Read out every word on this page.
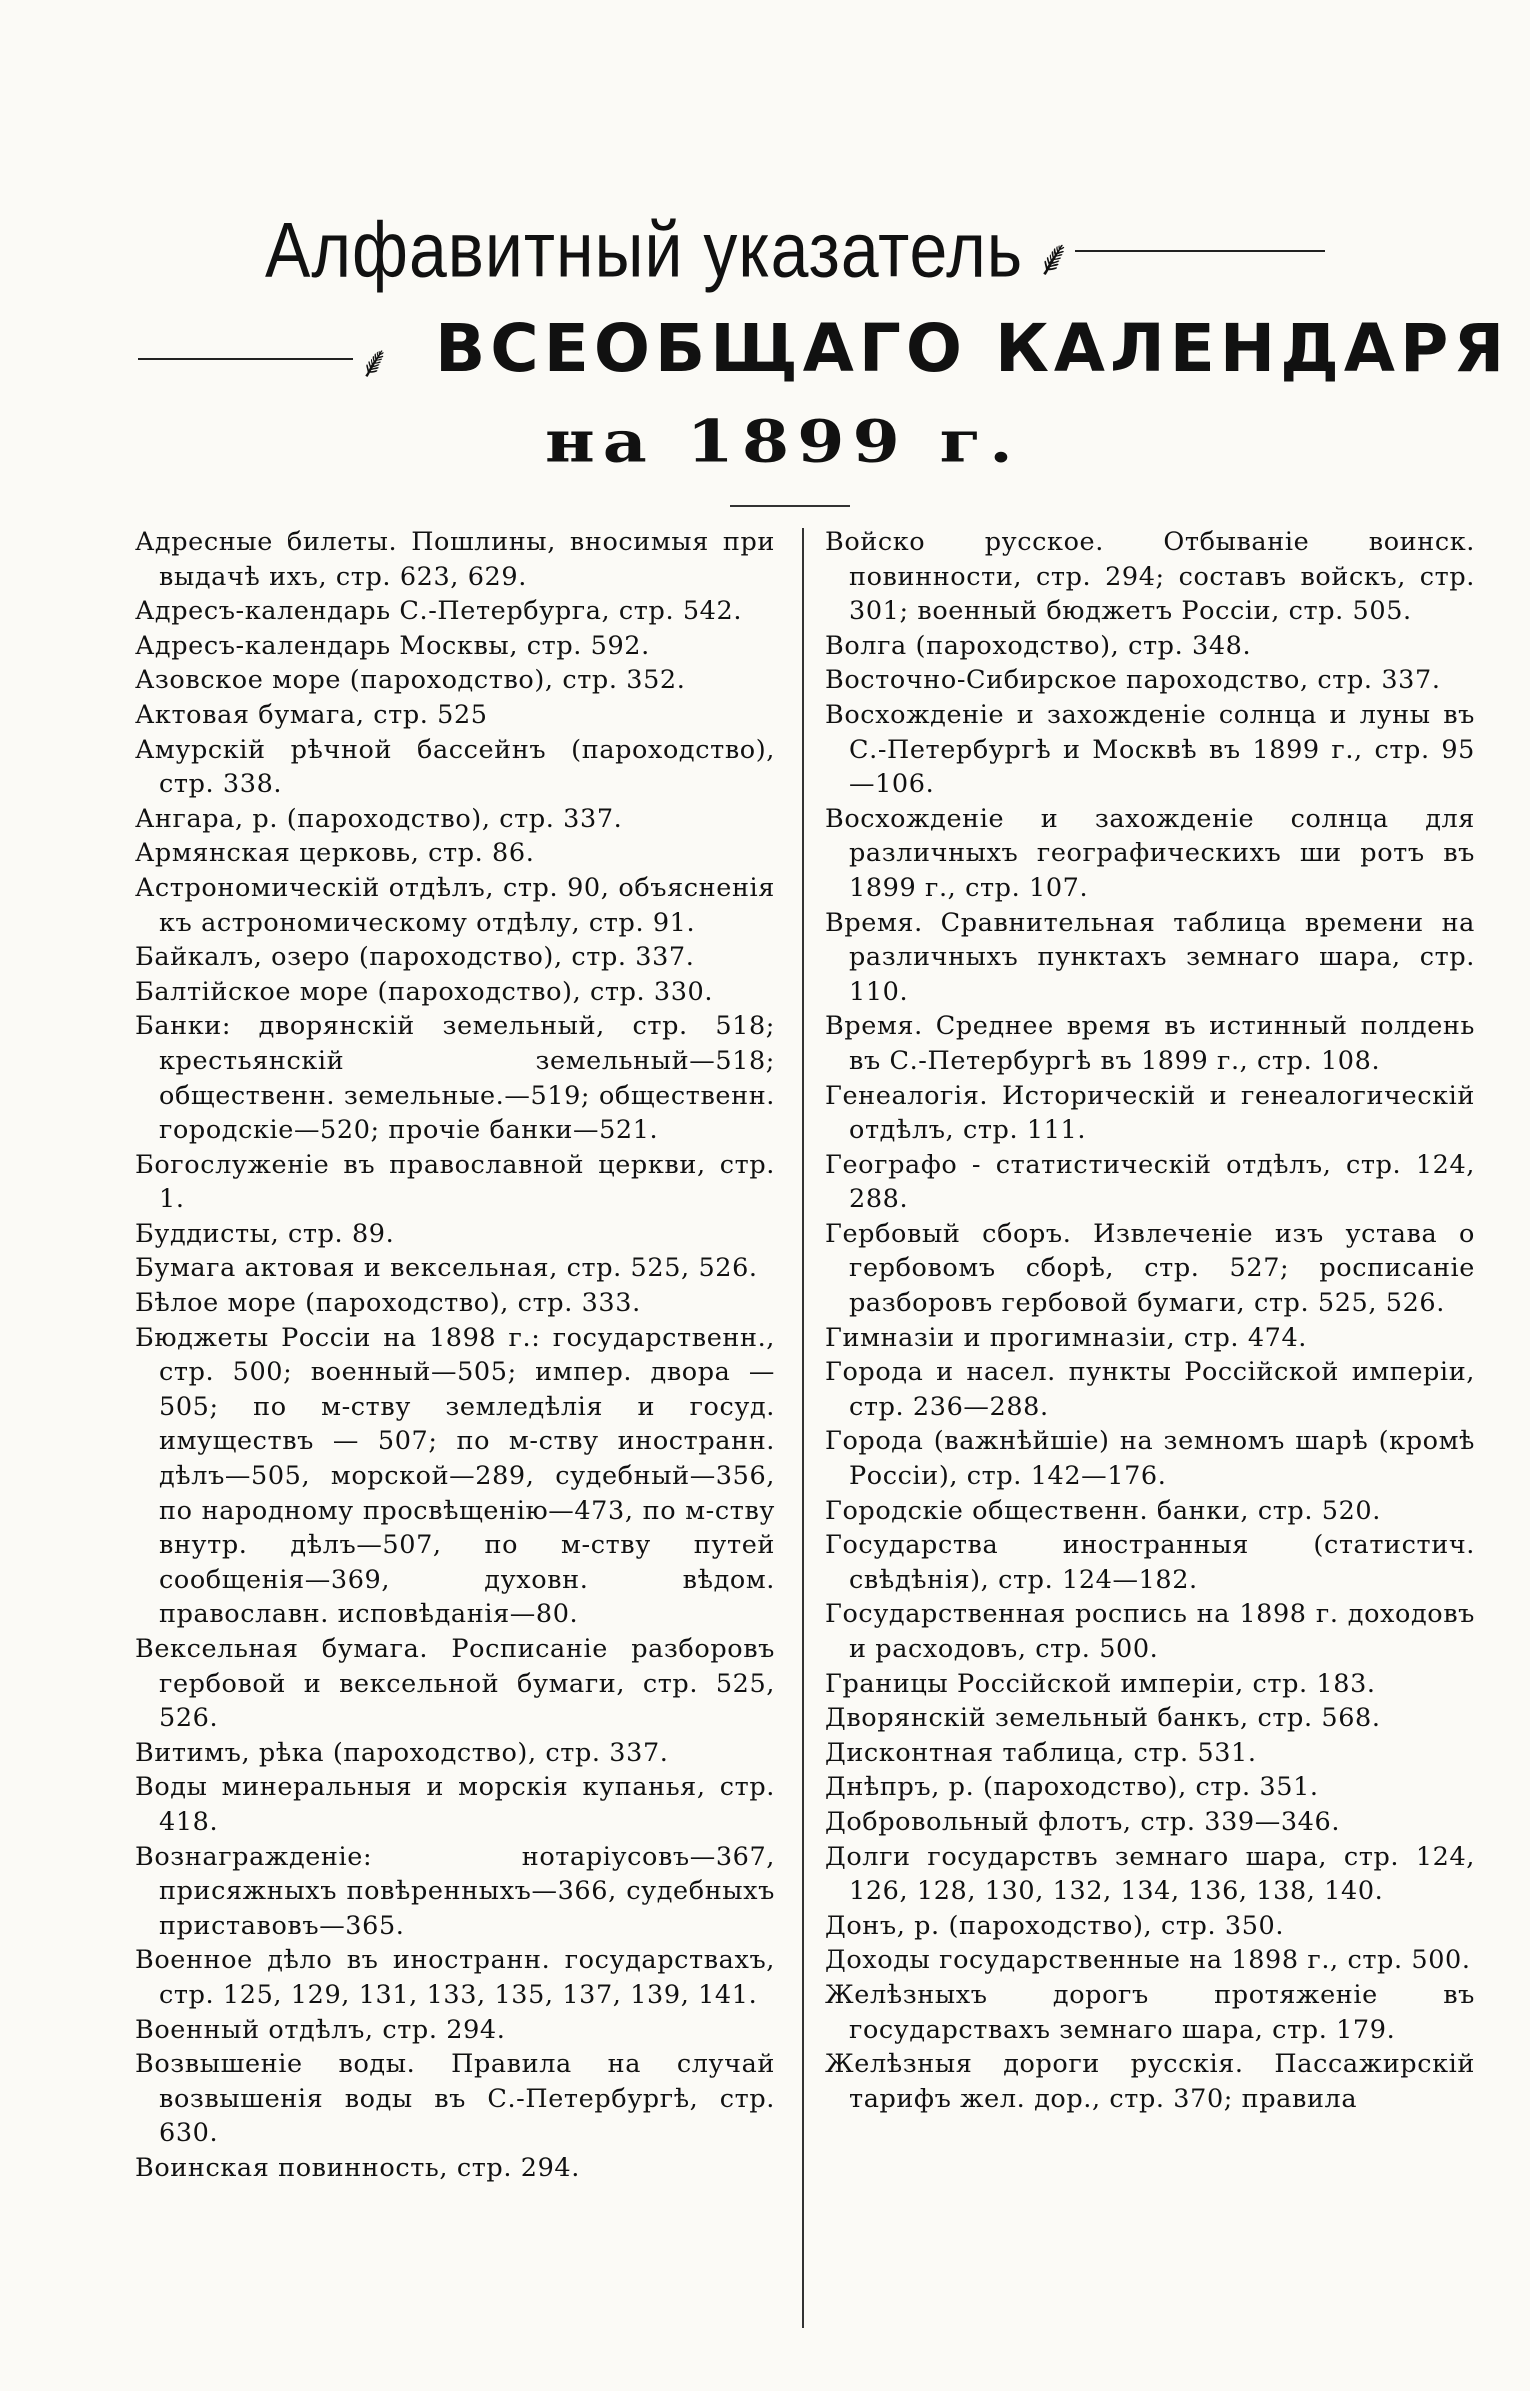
Алфавитный указатель ⸙
⸙ ВСЕОБЩАГО КАЛЕНДАРЯ
на 1899 г.

Адресные билеты. Пошлины, вносимыя при выдачѣ ихъ, стр. 623, 629.

Адресъ-календарь С.-Петербурга, стр. 542.

Адресъ-календарь Москвы, стр. 592.

Азовское море (пароходство), стр. 352.

Актовая бумага, стр. 525

Амурскій рѣчной бассейнъ (пароходство), стр. 338.

Ангара, р. (пароходство), стр. 337.

Армянская церковь, стр. 86.

Астрономическій отдѣлъ, стр. 90, объясненія къ астрономическому отдѣлу, стр. 91.

Байкалъ, озеро (пароходство), стр. 337.

Балтійское море (пароходство), стр. 330.

Банки: дворянскій земельный, стр. 518; крестьянскій земельный—518; общественн. земельные.—519; общественн. городскіе—520; прочіе банки—521.

Богослуженіе въ православной церкви, стр. 1.

Буддисты, стр. 89.

Бумага актовая и вексельная, стр. 525, 526.

Бѣлое море (пароходство), стр. 333.

Бюджеты Россіи на 1898 г.: государственн., стр. 500; военный—505; импер. двора — 505; по м-ству земледѣлія и госуд. имуществъ — 507; по м-ству иностранн. дѣлъ—505, морской—289, судебный—356, по народному просвѣщенію—473, по м-ству внутр. дѣлъ—507, по м-ству путей сообщенія—369, духовн. вѣдом. православн. исповѣданія—80.

Вексельная бумага. Росписаніе разборовъ гербовой и вексельной бумаги, стр. 525, 526.

Витимъ, рѣка (пароходство), стр. 337.

Воды минеральныя и морскія купанья, стр. 418.

Вознагражденіе: нотаріусовъ—367, присяжныхъ повѣренныхъ—366, судебныхъ приставовъ—365.

Военное дѣло въ иностранн. государствахъ, стр. 125, 129, 131, 133, 135, 137, 139, 141.

Военный отдѣлъ, стр. 294.

Возвышеніе воды. Правила на случай возвышенія воды въ С.-Петербургѣ, стр. 630.

Воинская повинность, стр. 294.

Войско русское. Отбываніе воинск. повинности, стр. 294; составъ войскъ, стр. 301; военный бюджетъ Россіи, стр. 505.

Волга (пароходство), стр. 348.

Восточно-Сибирское пароходство, стр. 337.

Восхожденіе и захожденіе солнца и луны въ С.-Петербургѣ и Москвѣ въ 1899 г., стр. 95—106.

Восхожденіе и захожденіе солнца для различныхъ географическихъ ши ротъ въ 1899 г., стр. 107.

Время. Сравнительная таблица времени на различныхъ пунктахъ земнаго шара, стр. 110.

Время. Среднее время въ истинный полдень въ С.-Петербургѣ въ 1899 г., стр. 108.

Генеалогія. Историческій и генеалогическій отдѣлъ, стр. 111.

Географо - статистическій отдѣлъ, стр. 124, 288.

Гербовый сборъ. Извлеченіе изъ устава о гербовомъ сборѣ, стр. 527; росписаніе разборовъ гербовой бумаги, стр. 525, 526.

Гимназіи и прогимназіи, стр. 474.

Города и насел. пункты Россійской имперіи, стр. 236—288.

Города (важнѣйшіе) на земномъ шарѣ (кромѣ Россіи), стр. 142—176.

Городскіе общественн. банки, стр. 520.

Государства иностранныя (статистич. свѣдѣнія), стр. 124—182.

Государственная роспись на 1898 г. доходовъ и расходовъ, стр. 500.

Границы Россійской имперіи, стр. 183.

Дворянскій земельный банкъ, стр. 568.

Дисконтная таблица, стр. 531.

Днѣпръ, р. (пароходство), стр. 351.

Добровольный флотъ, стр. 339—346.

Долги государствъ земнаго шара, стр. 124, 126, 128, 130, 132, 134, 136, 138, 140.

Донъ, р. (пароходство), стр. 350.

Доходы государственные на 1898 г., стр. 500.

Желѣзныхъ дорогъ протяженіе въ государствахъ земнаго шара, стр. 179.

Желѣзныя дороги русскія. Пассажирскій тарифъ жел. дор., стр. 370; правила
